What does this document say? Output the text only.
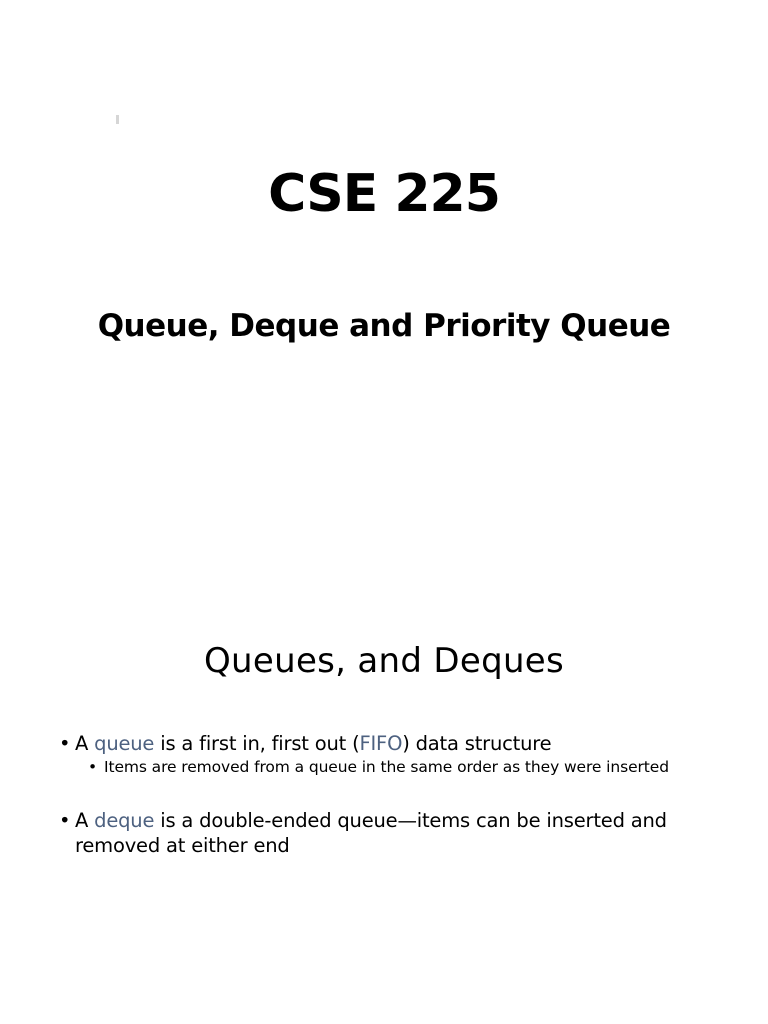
CSE 225
Queue, Deque and Priority Queue
Queues, and Deques
• A queue is a first in, first out (FIFO) data structure
• Items are removed from a queue in the same order as they were inserted
• A deque is a double-ended queue—items can be inserted and removed at either end
